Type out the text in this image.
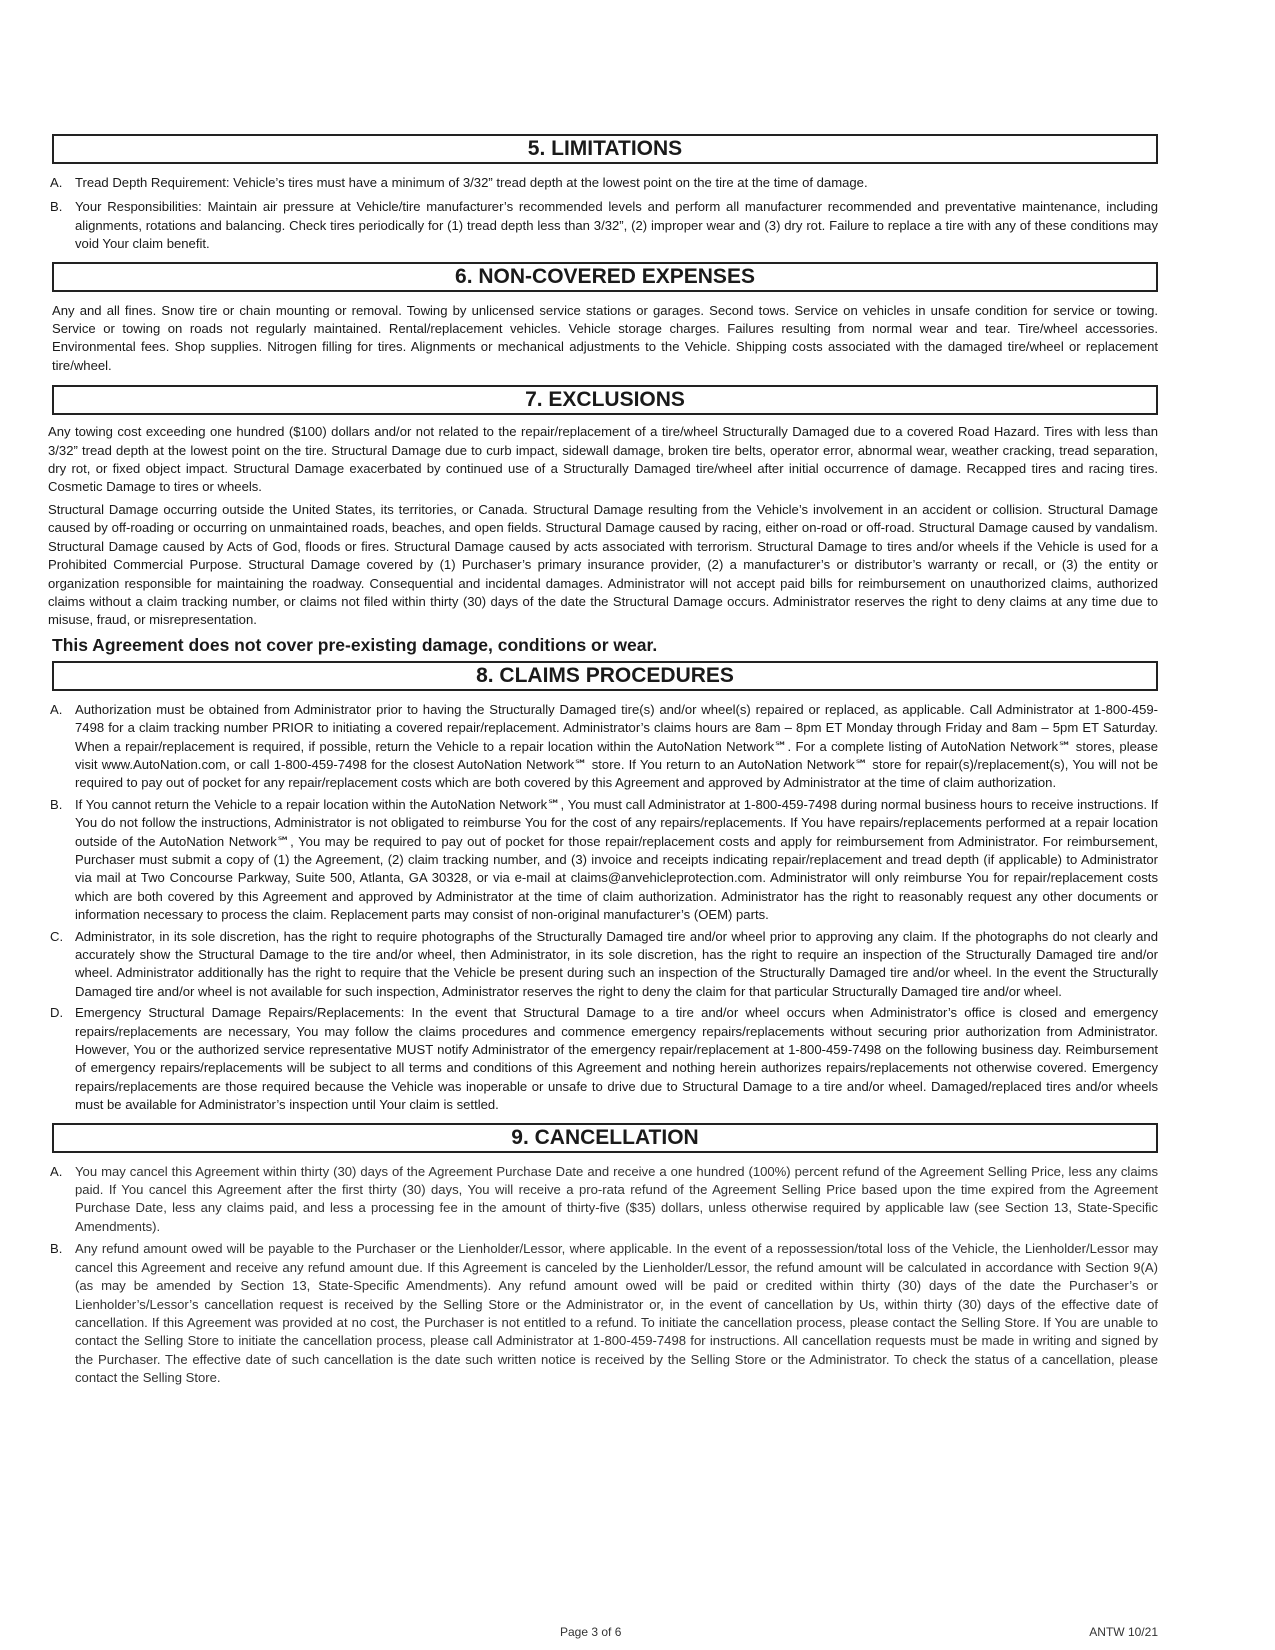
5. LIMITATIONS
A. Tread Depth Requirement: Vehicle’s tires must have a minimum of 3/32” tread depth at the lowest point on the tire at the time of damage.
B. Your Responsibilities: Maintain air pressure at Vehicle/tire manufacturer’s recommended levels and perform all manufacturer recommended and preventative maintenance, including alignments, rotations and balancing. Check tires periodically for (1) tread depth less than 3/32”, (2) improper wear and (3) dry rot. Failure to replace a tire with any of these conditions may void Your claim benefit.
6. NON-COVERED EXPENSES

Any and all fines. Snow tire or chain mounting or removal. Towing by unlicensed service stations or garages. Second tows. Service on vehicles in unsafe condition for service or towing. Service or towing on roads not regularly maintained. Rental/replacement vehicles. Vehicle storage charges. Failures resulting from normal wear and tear. Tire/wheel accessories. Environmental fees. Shop supplies. Nitrogen filling for tires. Alignments or mechanical adjustments to the Vehicle. Shipping costs associated with the damaged tire/wheel or replacement tire/wheel.

7. EXCLUSIONS

Any towing cost exceeding one hundred ($100) dollars and/or not related to the repair/replacement of a tire/wheel Structurally Damaged due to a covered Road Hazard. Tires with less than 3/32” tread depth at the lowest point on the tire. Structural Damage due to curb impact, sidewall damage, broken tire belts, operator error, abnormal wear, weather cracking, tread separation, dry rot, or fixed object impact. Structural Damage exacerbated by continued use of a Structurally Damaged tire/wheel after initial occurrence of damage. Recapped tires and racing tires. Cosmetic Damage to tires or wheels.

Structural Damage occurring outside the United States, its territories, or Canada. Structural Damage resulting from the Vehicle’s involvement in an accident or collision. Structural Damage caused by off-roading or occurring on unmaintained roads, beaches, and open fields. Structural Damage caused by racing, either on-road or off-road. Structural Damage caused by vandalism. Structural Damage caused by Acts of God, floods or fires. Structural Damage caused by acts associated with terrorism. Structural Damage to tires and/or wheels if the Vehicle is used for a Prohibited Commercial Purpose. Structural Damage covered by (1) Purchaser’s primary insurance provider, (2) a manufacturer’s or distributor’s warranty or recall, or (3) the entity or organization responsible for maintaining the roadway. Consequential and incidental damages. Administrator will not accept paid bills for reimbursement on unauthorized claims, authorized claims without a claim tracking number, or claims not filed within thirty (30) days of the date the Structural Damage occurs. Administrator reserves the right to deny claims at any time due to misuse, fraud, or misrepresentation.

This Agreement does not cover pre-existing damage, conditions or wear.

8. CLAIMS PROCEDURES
A. Authorization must be obtained from Administrator prior to having the Structurally Damaged tire(s) and/or wheel(s) repaired or replaced, as applicable. Call Administrator at 1-800-459-7498 for a claim tracking number PRIOR to initiating a covered repair/replacement. Administrator’s claims hours are 8am – 8pm ET Monday through Friday and 8am – 5pm ET Saturday. When a repair/replacement is required, if possible, return the Vehicle to a repair location within the AutoNation Network℠. For a complete listing of AutoNation Network℠ stores, please visit www.AutoNation.com, or call 1-800-459-7498 for the closest AutoNation Network℠ store. If You return to an AutoNation Network℠ store for repair(s)/replacement(s), You will not be required to pay out of pocket for any repair/replacement costs which are both covered by this Agreement and approved by Administrator at the time of claim authorization.
B. If You cannot return the Vehicle to a repair location within the AutoNation Network℠, You must call Administrator at 1-800-459-7498 during normal business hours to receive instructions. If You do not follow the instructions, Administrator is not obligated to reimburse You for the cost of any repairs/replacements. If You have repairs/replacements performed at a repair location outside of the AutoNation Network℠, You may be required to pay out of pocket for those repair/replacement costs and apply for reimbursement from Administrator. For reimbursement, Purchaser must submit a copy of (1) the Agreement, (2) claim tracking number, and (3) invoice and receipts indicating repair/replacement and tread depth (if applicable) to Administrator via mail at Two Concourse Parkway, Suite 500, Atlanta, GA 30328, or via e-mail at claims@anvehicleprotection.com. Administrator will only reimburse You for repair/replacement costs which are both covered by this Agreement and approved by Administrator at the time of claim authorization. Administrator has the right to reasonably request any other documents or information necessary to process the claim. Replacement parts may consist of non-original manufacturer’s (OEM) parts.
C. Administrator, in its sole discretion, has the right to require photographs of the Structurally Damaged tire and/or wheel prior to approving any claim. If the photographs do not clearly and accurately show the Structural Damage to the tire and/or wheel, then Administrator, in its sole discretion, has the right to require an inspection of the Structurally Damaged tire and/or wheel. Administrator additionally has the right to require that the Vehicle be present during such an inspection of the Structurally Damaged tire and/or wheel. In the event the Structurally Damaged tire and/or wheel is not available for such inspection, Administrator reserves the right to deny the claim for that particular Structurally Damaged tire and/or wheel.
D. Emergency Structural Damage Repairs/Replacements: In the event that Structural Damage to a tire and/or wheel occurs when Administrator’s office is closed and emergency repairs/replacements are necessary, You may follow the claims procedures and commence emergency repairs/replacements without securing prior authorization from Administrator. However, You or the authorized service representative MUST notify Administrator of the emergency repair/replacement at 1-800-459-7498 on the following business day. Reimbursement of emergency repairs/replacements will be subject to all terms and conditions of this Agreement and nothing herein authorizes repairs/replacements not otherwise covered. Emergency repairs/replacements are those required because the Vehicle was inoperable or unsafe to drive due to Structural Damage to a tire and/or wheel. Damaged/replaced tires and/or wheels must be available for Administrator’s inspection until Your claim is settled.
9. CANCELLATION
A. You may cancel this Agreement within thirty (30) days of the Agreement Purchase Date and receive a one hundred (100%) percent refund of the Agreement Selling Price, less any claims paid. If You cancel this Agreement after the first thirty (30) days, You will receive a pro-rata refund of the Agreement Selling Price based upon the time expired from the Agreement Purchase Date, less any claims paid, and less a processing fee in the amount of thirty-five ($35) dollars, unless otherwise required by applicable law (see Section 13, State-Specific Amendments).
B. Any refund amount owed will be payable to the Purchaser or the Lienholder/Lessor, where applicable. In the event of a repossession/total loss of the Vehicle, the Lienholder/Lessor may cancel this Agreement and receive any refund amount due. If this Agreement is canceled by the Lienholder/Lessor, the refund amount will be calculated in accordance with Section 9(A) (as may be amended by Section 13, State-Specific Amendments). Any refund amount owed will be paid or credited within thirty (30) days of the date the Purchaser’s or Lienholder’s/Lessor’s cancellation request is received by the Selling Store or the Administrator or, in the event of cancellation by Us, within thirty (30) days of the effective date of cancellation. If this Agreement was provided at no cost, the Purchaser is not entitled to a refund. To initiate the cancellation process, please contact the Selling Store. If You are unable to contact the Selling Store to initiate the cancellation process, please call Administrator at 1-800-459-7498 for instructions. All cancellation requests must be made in writing and signed by the Purchaser. The effective date of such cancellation is the date such written notice is received by the Selling Store or the Administrator. To check the status of a cancellation, please contact the Selling Store.
Page 3 of 6	ANTW 10/21
